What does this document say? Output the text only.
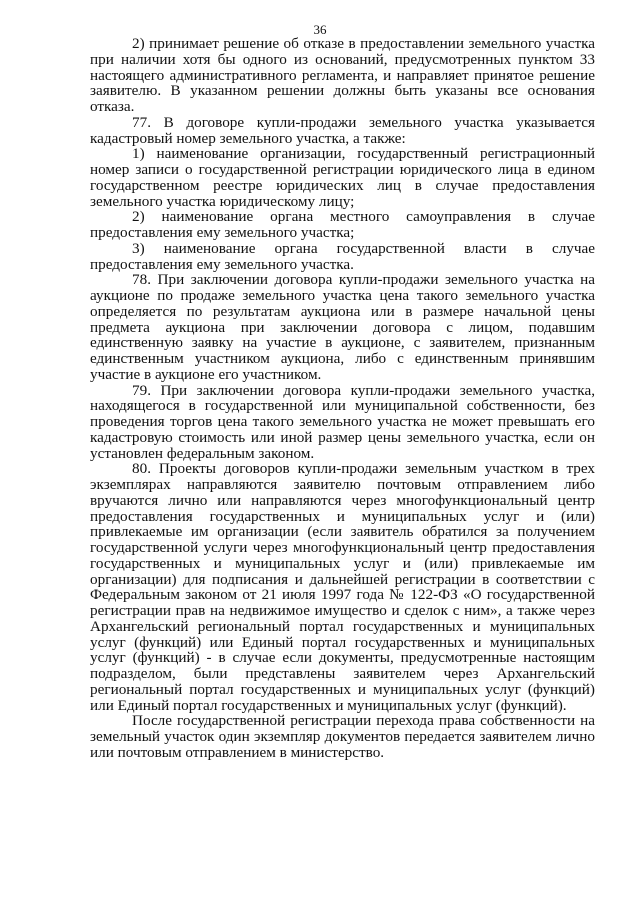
36

2) принимает решение об отказе в предоставлении земельного участка при наличии хотя бы одного из оснований, предусмотренных пунктом 33 настоящего административного регламента, и направляет принятое решение заявителю. В указанном решении должны быть указаны все основания отказа.

77. В договоре купли-продажи земельного участка указывается кадастровый номер земельного участка, а также:

1) наименование организации, государственный регистрационный номер записи о государственной регистрации юридического лица в едином государственном реестре юридических лиц в случае предоставления земельного участка юридическому лицу;

2) наименование органа местного самоуправления в случае предоставления ему земельного участка;

3) наименование органа государственной власти в случае предоставления ему земельного участка.

78. При заключении договора купли-продажи земельного участка на аукционе по продаже земельного участка цена такого земельного участка определяется по результатам аукциона или в размере начальной цены предмета аукциона при заключении договора с лицом, подавшим единственную заявку на участие в аукционе, с заявителем, признанным единственным участником аукциона, либо с единственным принявшим участие в аукционе его участником.

79. При заключении договора купли-продажи земельного участка, находящегося в государственной или муниципальной собственности, без проведения торгов цена такого земельного участка не может превышать его кадастровую стоимость или иной размер цены земельного участка, если он установлен федеральным законом.

80. Проекты договоров купли-продажи земельным участком в трех экземплярах направляются заявителю почтовым отправлением либо вручаются лично или направляются через многофункциональный центр предоставления государственных и муниципальных услуг и (или) привлекаемые им организации (если заявитель обратился за получением государственной услуги через многофункциональный центр предоставления государственных и муниципальных услуг и (или) привлекаемые им организации) для подписания и дальнейшей регистрации в соответствии с Федеральным законом от 21 июля 1997 года № 122-ФЗ «О государственной регистрации прав на недвижимое имущество и сделок с ним», а также через Архангельский региональный портал государственных и муниципальных услуг (функций) или Единый портал государственных и муниципальных услуг (функций) - в случае если документы, предусмотренные настоящим подразделом, были представлены заявителем через Архангельский региональный портал государственных и муниципальных услуг (функций) или Единый портал государственных и муниципальных услуг (функций).

После государственной регистрации перехода права собственности на земельный участок один экземпляр документов передается заявителем лично или почтовым отправлением в министерство.
